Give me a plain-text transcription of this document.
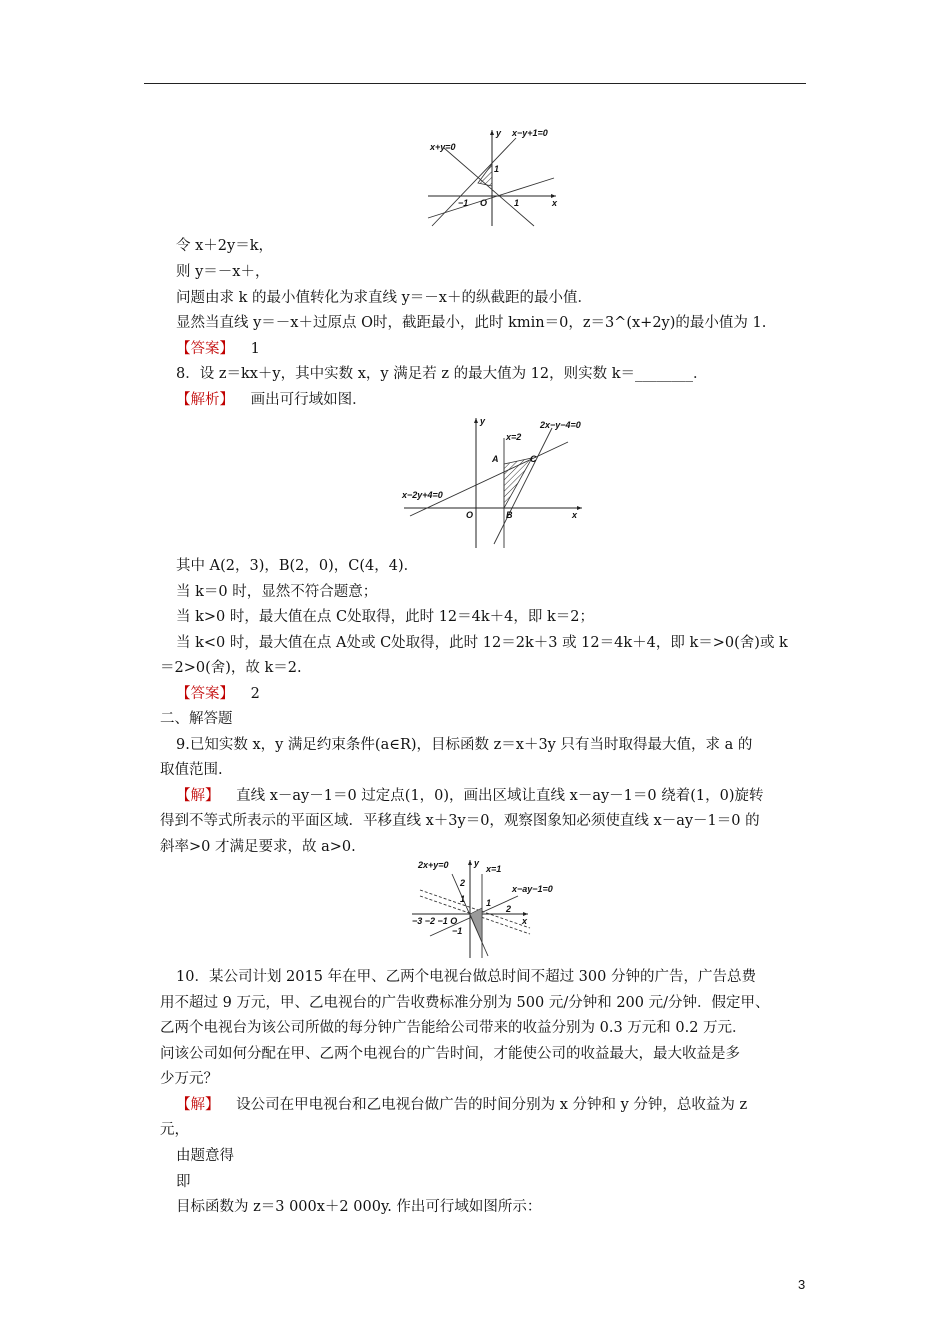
x+y=0
x−y+1=0
y
x
O
−1	1
1
令 x＋2y＝k，
则 y＝－x＋，
问题由求 k 的最小值转化为求直线 y＝－x＋的纵截距的最小值．
显然当直线 y＝－x＋过原点 O时，截距最小，此时 kmin＝0，z＝3^(x+2y)的最小值为 1.
【答案】 1
8．设 z＝kx＋y，其中实数 x，y 满足若 z 的最大值为 12，则实数 k＝________．
【解析】 画出可行域如图．
2x−y−4=0
x=2
x−2y+4=0
A
B
C
O	x
y
其中 A(2，3)，B(2，0)，C(4，4)．
当 k＝0 时，显然不符合题意；
当 k>0 时，最大值在点 C处取得，此时 12＝4k＋4，即 k＝2；
当 k<0 时，最大值在点 A处或 C处取得，此时 12＝2k＋3 或 12＝4k＋4，即 k＝>0(舍)或 k
＝2>0(舍)，故 k＝2.
【答案】 2
二、解答题
9.已知实数 x，y 满足约束条件(a∈R)，目标函数 z＝x＋3y 只有当时取得最大值，求 a 的
取值范围.
【解】 直线 x－ay－1＝0 过定点(1，0)，画出区域让直线 x－ay－1＝0 绕着(1，0)旋转
得到不等式所表示的平面区域．平移直线 x＋3y＝0，观察图象知必须使直线 x－ay－1＝0 的
斜率>0 才满足要求，故 a>0.
2x+y=0	x=1
x−ay−1=0
y
x
2
1
2
1
−3 −2 −1 O
−1
10．某公司计划 2015 年在甲、乙两个电视台做总时间不超过 300 分钟的广告，广告总费
用不超过 9 万元，甲、乙电视台的广告收费标准分别为 500 元/分钟和 200 元/分钟．假定甲、
乙两个电视台为该公司所做的每分钟广告能给公司带来的收益分别为 0.3 万元和 0.2 万元．
问该公司如何分配在甲、乙两个电视台的广告时间，才能使公司的收益最大，最大收益是多
少万元？
【解】 设公司在甲电视台和乙电视台做广告的时间分别为 x 分钟和 y 分钟，总收益为 z
元，
由题意得
即
目标函数为 z＝3 000x＋2 000y. 作出可行域如图所示：
3
